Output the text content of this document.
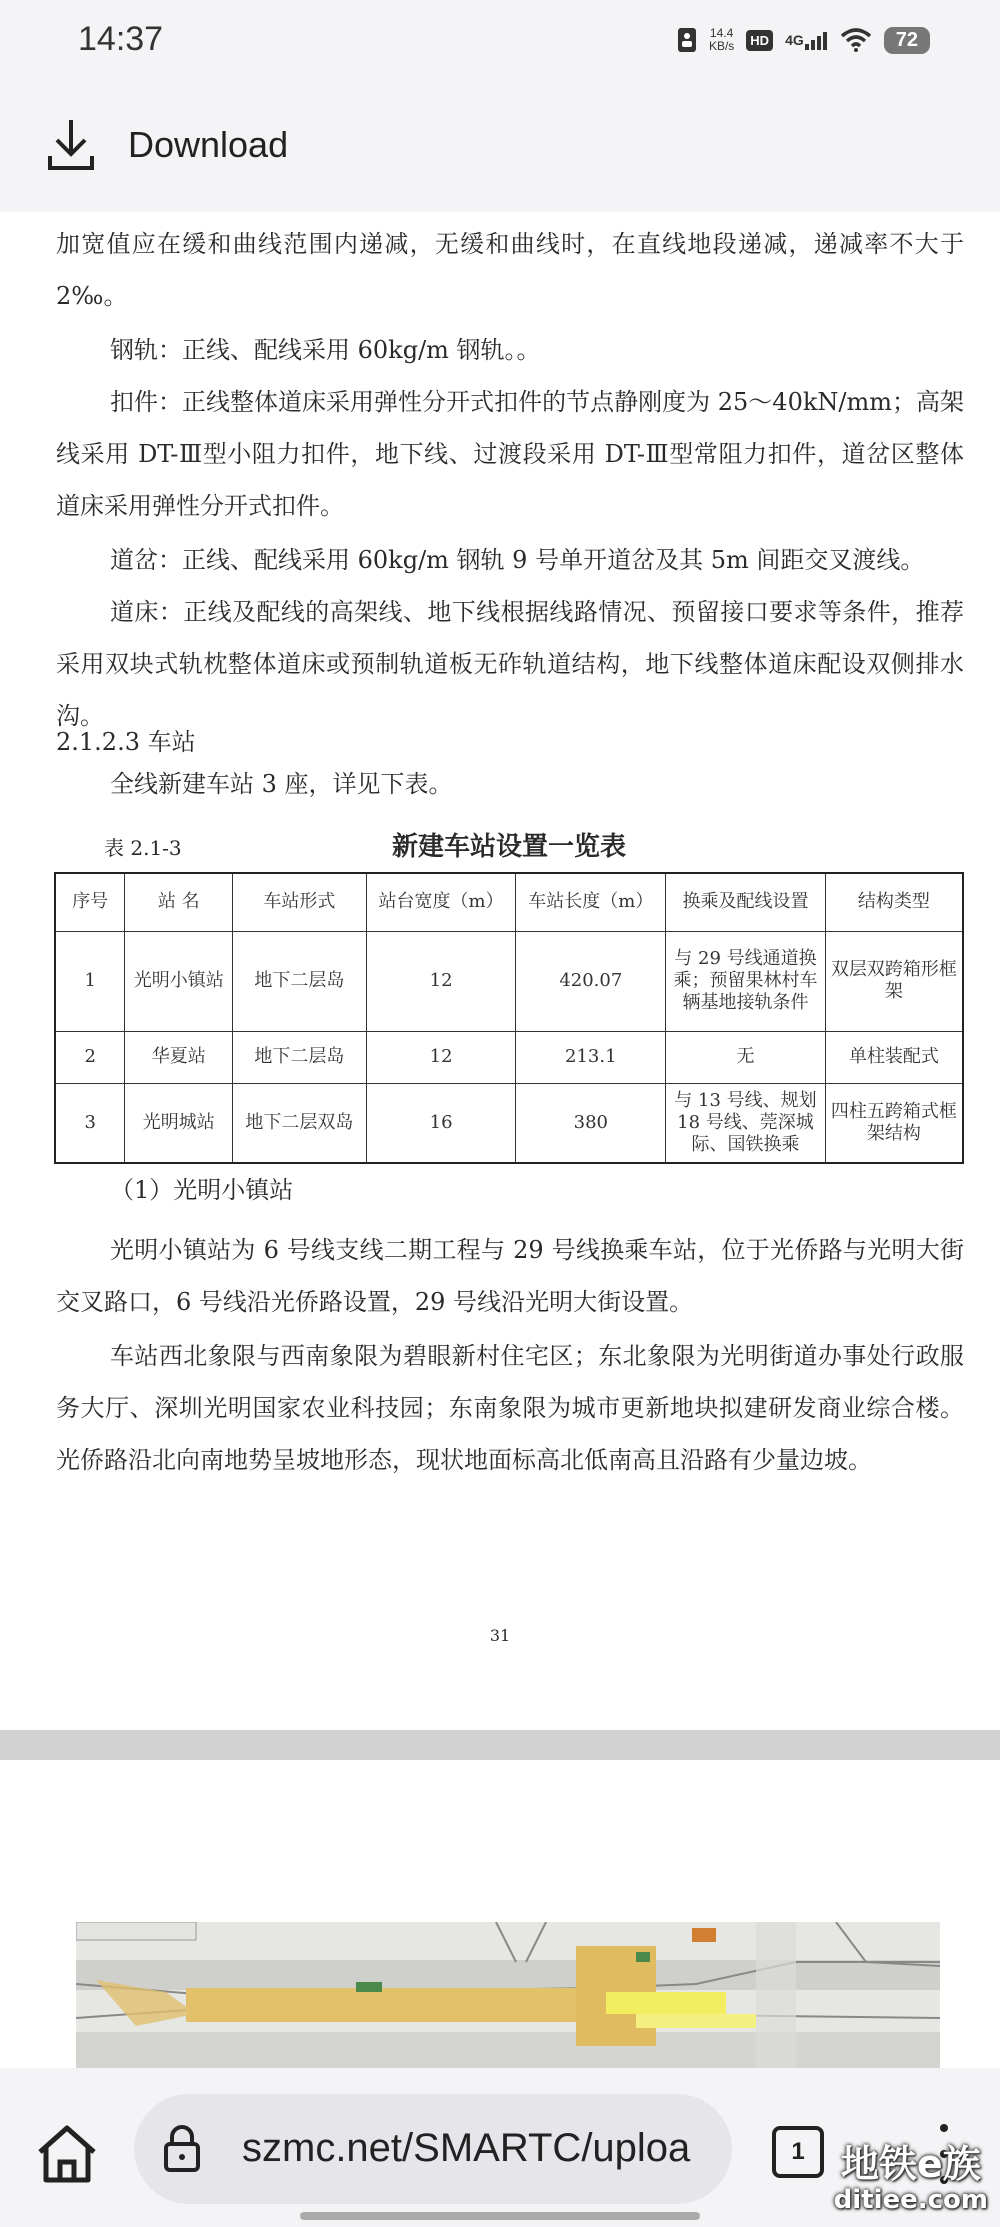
14:37	14.4
KB/s	HD 4G	72
Download

加宽值应在缓和曲线范围内递减，无缓和曲线时，在直线地段递减，递减率不大于 2‰。

钢轨：正线、配线采用 60kg/m 钢轨。。

扣件：正线整体道床采用弹性分开式扣件的节点静刚度为 25～40kN/mm；高架线采用 DT-Ⅲ型小阻力扣件，地下线、过渡段采用 DT-Ⅲ型常阻力扣件，道岔区整体道床采用弹性分开式扣件。

道岔：正线、配线采用 60kg/m 钢轨 9 号单开道岔及其 5m 间距交叉渡线。

道床：正线及配线的高架线、地下线根据线路情况、预留接口要求等条件，推荐采用双块式轨枕整体道床或预制轨道板无砟轨道结构，地下线整体道床配设双侧排水沟。

2.1.2.3 车站

全线新建车站 3 座，详见下表。

表 2.1-3	新建车站设置一览表
序号	站 名	车站形式	站台宽度（m）	车站长度（m）	换乘及配线设置	结构类型
1	光明小镇站	地下二层岛	12	420.07	与 29 号线通道换乘；预留果林村车辆基地接轨条件	双层双跨箱形框架
2	华夏站	地下二层岛	12	213.1	无	单柱装配式
3	光明城站	地下二层双岛	16	380	与 13 号线、规划 18 号线、莞深城际、国铁换乘	四柱五跨箱式框架结构
（1）光明小镇站

光明小镇站为 6 号线支线二期工程与 29 号线换乘车站，位于光侨路与光明大街交叉路口，6 号线沿光侨路设置，29 号线沿光明大街设置。

车站西北象限与西南象限为碧眼新村住宅区；东北象限为光明街道办事处行政服务大厅、深圳光明国家农业科技园；东南象限为城市更新地块拟建研发商业综合楼。光侨路沿北向南地势呈坡地形态，现状地面标高北低南高且沿路有少量边坡。

31
szmc.net/SMARTC/uploa	1 地铁e族
ditiee.com
